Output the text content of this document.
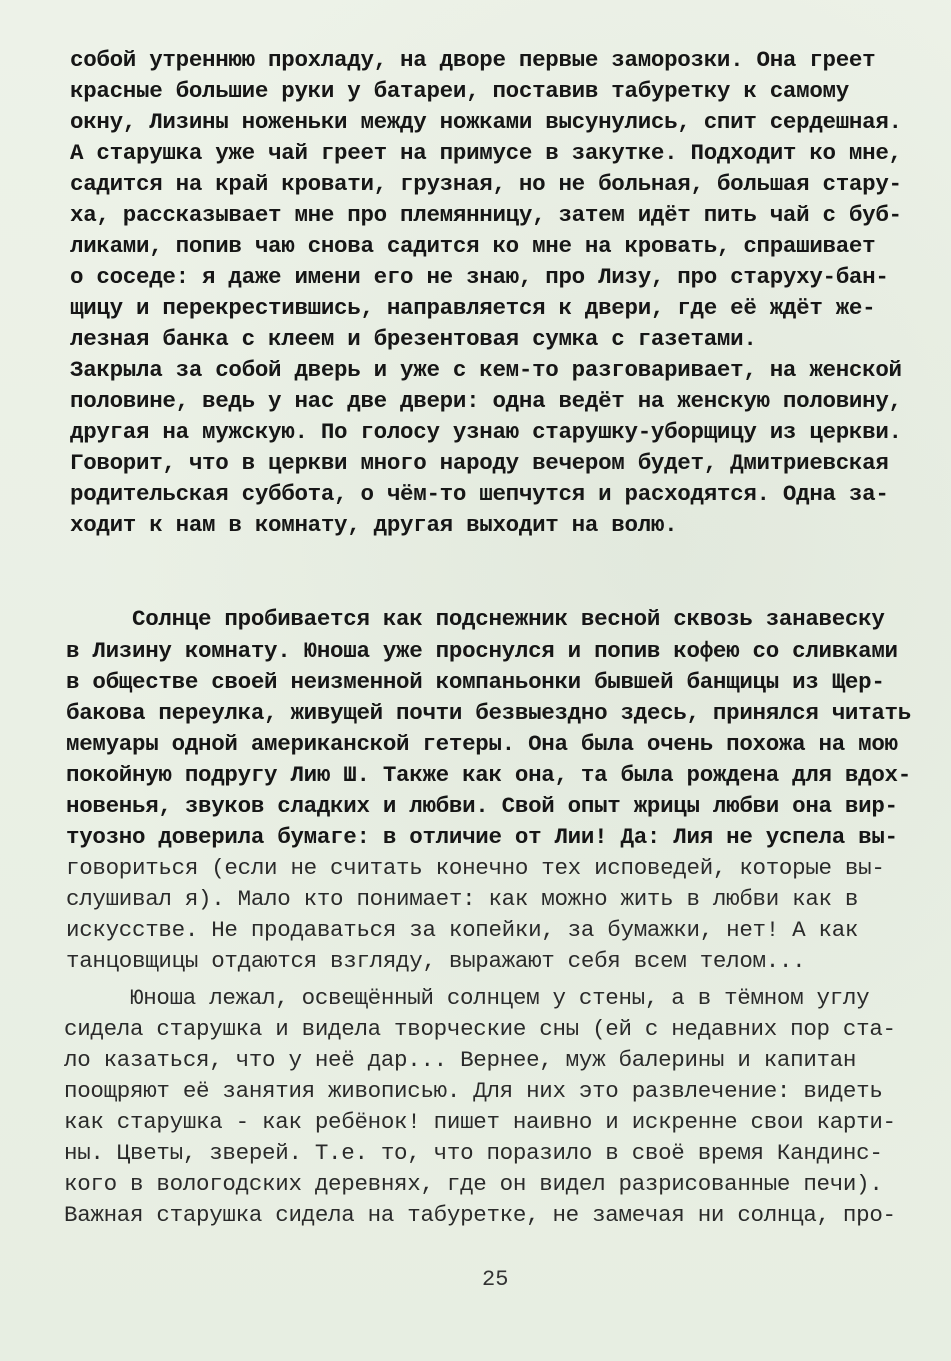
собой утреннюю прохладу, на дворе первые заморозки. Она греет
красные большие руки у батареи, поставив табуретку к самому
окну, Лизины ноженьки между ножками высунулись, спит сердешная.
А старушка уже чай греет на примусе в закутке. Подходит ко мне,
садится на край кровати, грузная, но не больная, большая стару-
ха, рассказывает мне про племянницу, затем идёт пить чай с буб-
ликами, попив чаю снова садится ко мне на кровать, спрашивает
о соседе: я даже имени его не знаю, про Лизу, про старуху-бан-
щицу и перекрестившись, направляется к двери, где её ждёт же-
лезная банка с клеем и брезентовая сумка с газетами.
Закрыла за собой дверь и уже с кем-то разговаривает, на женской
половине, ведь у нас две двери: одна ведёт на женскую половину,
другая на мужскую. По голосу узнаю старушку-уборщицу из церкви.
Говорит, что в церкви много народу вечером будет, Дмитриевская
родительская суббота, о чём-то шепчутся и расходятся. Одна за-
ходит к нам в комнату, другая выходит на волю.
Солнце пробивается как подснежник весной сквозь занавеску
в Лизину комнату. Юноша уже проснулся и попив кофею со сливками
в обществе своей неизменной компаньонки бывшей банщицы из Щер-
бакова переулка, живущей почти безвыездно здесь, принялся читать
мемуары одной американской гетеры. Она была очень похожа на мою
покойную подругу Лию Ш. Также как она, та была рождена для вдох-
новенья, звуков сладких и любви. Свой опыт жрицы любви она вир-
туозно доверила бумаге: в отличие от Лии! Да: Лия не успела вы-
говориться (если не считать конечно тех исповедей, которые вы-
слушивал я). Мало кто понимает: как можно жить в любви как в
искусстве. Не продаваться за копейки, за бумажки, нет! А как
танцовщицы отдаются взгляду, выражают себя всем телом...
Юноша лежал, освещённый солнцем у стены, а в тёмном углу
сидела старушка и видела творческие сны (ей с недавних пор ста-
ло казаться, что у неё дар... Вернее, муж балерины и капитан
поощряют её занятия живописью. Для них это развлечение: видеть
как старушка - как ребёнок! пишет наивно и искренне свои карти-
ны. Цветы, зверей. Т.е. то, что поразило в своё время Кандинс-
кого в вологодских деревнях, где он видел разрисованные печи).
Важная старушка сидела на табуретке, не замечая ни солнца, про-
25
